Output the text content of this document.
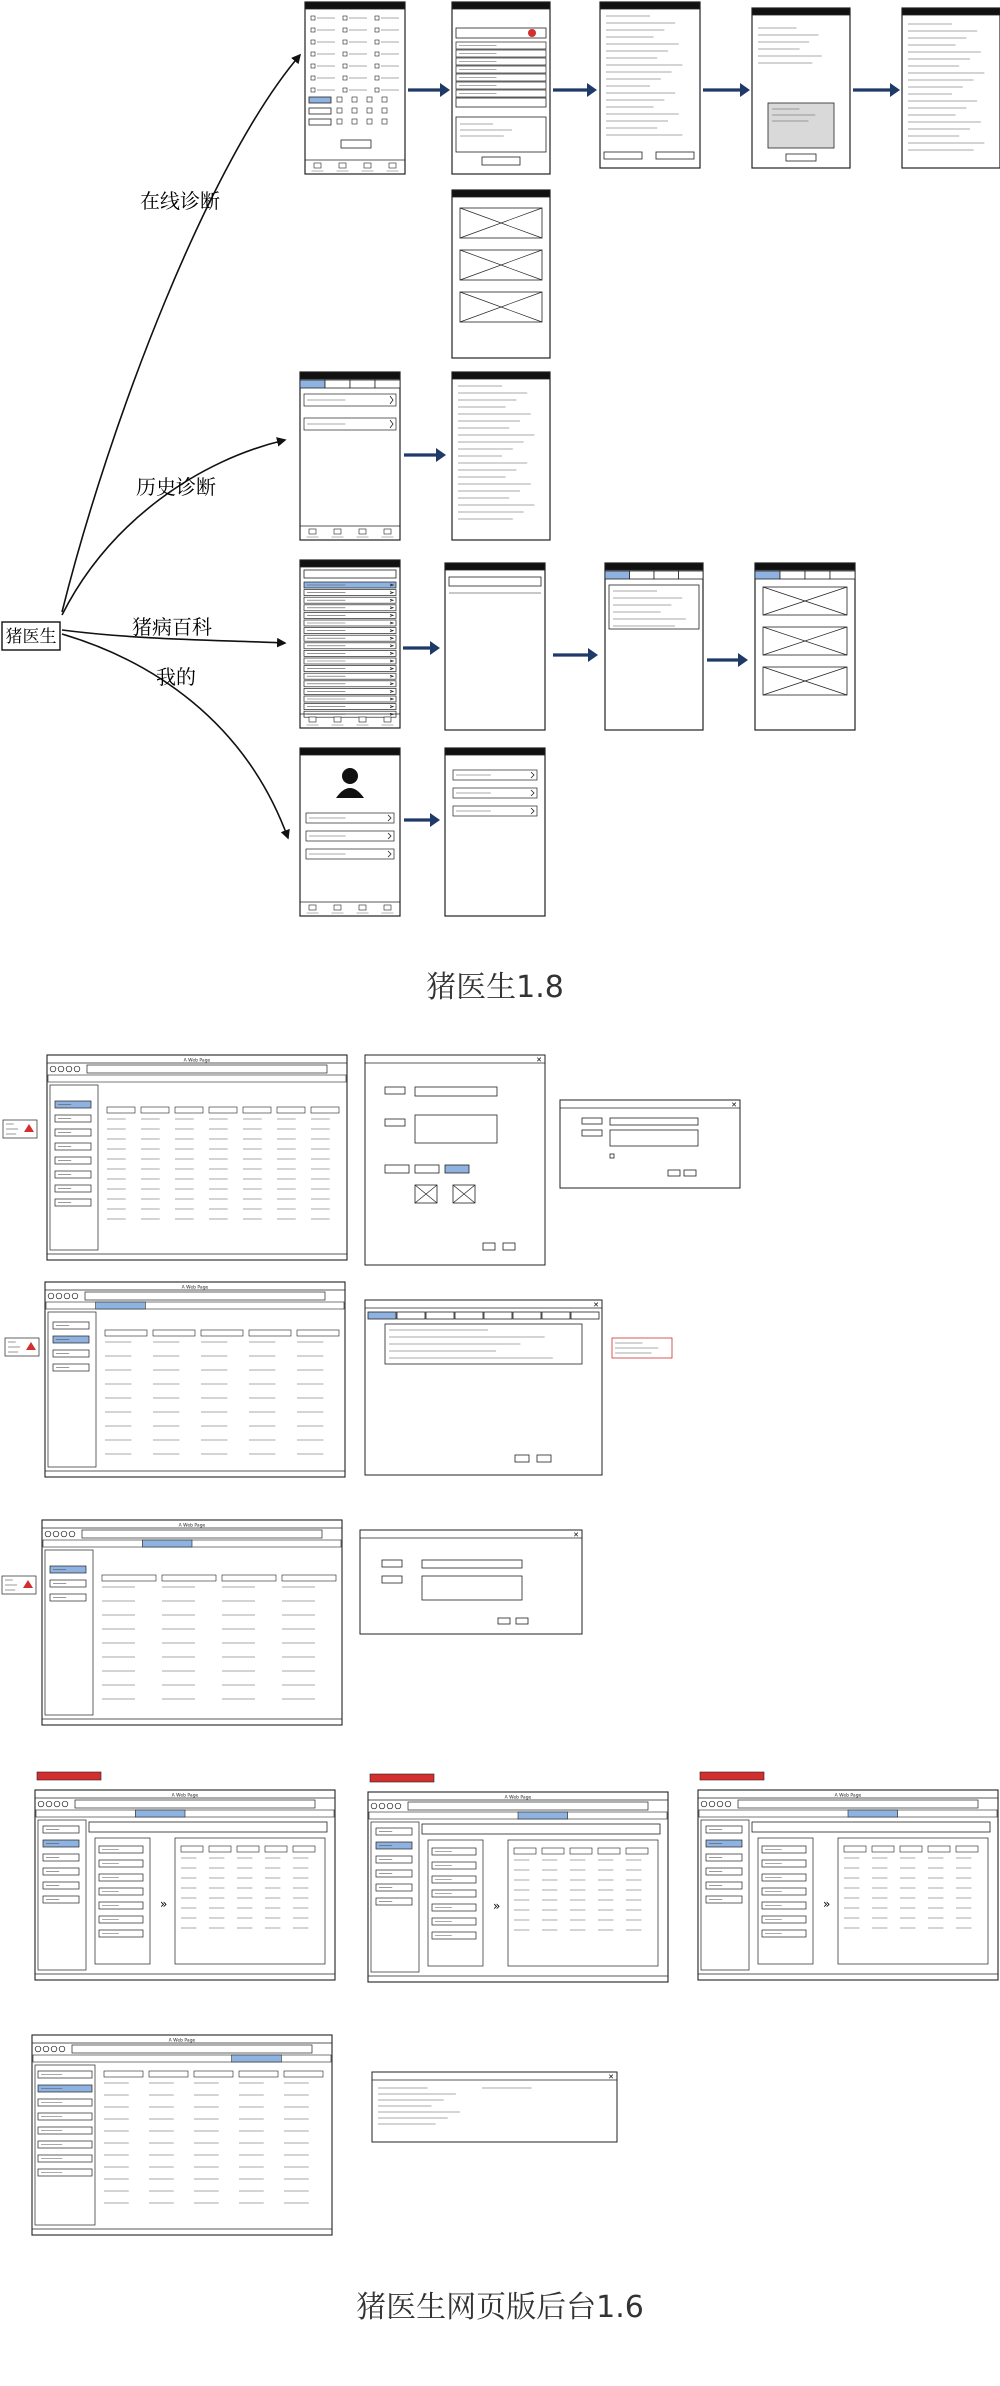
A Web Page	✕
✕
A Web Page
✕
A Web Page
✕
A Web Page
»
A Web Page
»
A Web Page
»
A Web Page
✕
猪医生
在线诊断
历史诊断
猪病百科
我的
猪医生1.8
猪医生网页版后台1.6
